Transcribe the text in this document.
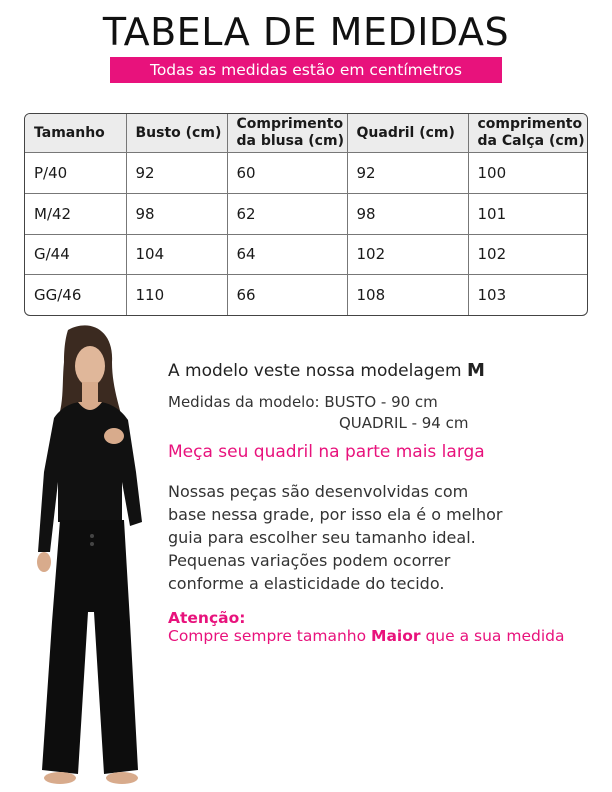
TABELA DE MEDIDAS
Todas as medidas estão em centímetros
Tamanho	Busto (cm)	Comprimento da blusa (cm)	Quadril (cm)	comprimento da Calça (cm)
P/40	92	60	92	100
M/42	98	62	98	101
G/44	104	64	102	102
GG/46	110	66	108	103
A modelo veste nossa modelagem M
Medidas da modelo: BUSTO - 90 cm
QUADRIL - 94 cm
Meça seu quadril na parte mais larga
Nossas peças são desenvolvidas com
base nessa grade, por isso ela é o melhor
guia para escolher seu tamanho ideal.
Pequenas variações podem ocorrer
conforme a elasticidade do tecido.
Atenção:
Compre sempre tamanho Maior que a sua medida
